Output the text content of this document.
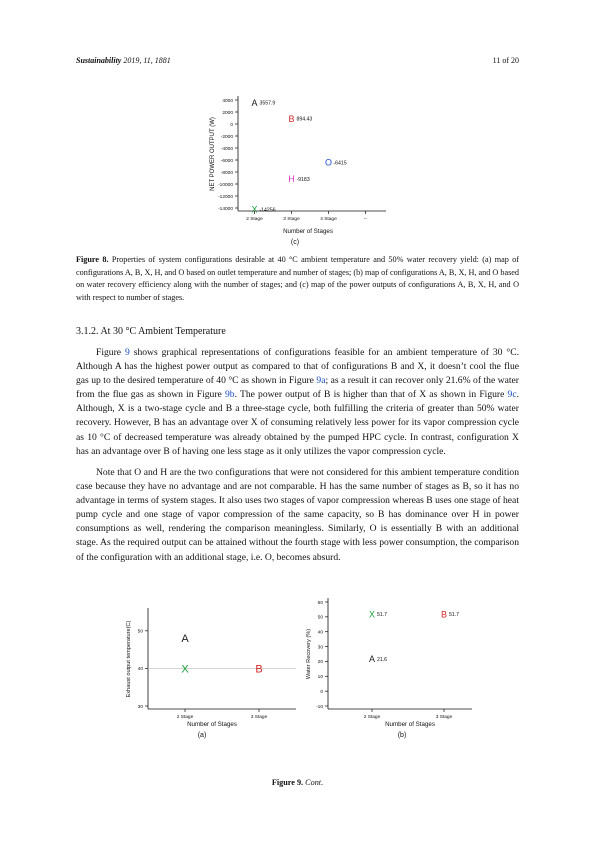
Sustainability 2019, 11, 1881	11 of 20
4000
2000
0
-2000
-4000
-6000
-8000
-10000
-12000
-14000
2 Stage	3 Stage	4 Stage	--
A 3557.9
B 894.43
O -6415
H -9183
X -14256
Number of Stages
NET POWER OUTPUT (W)
(c)
Figure 8. Properties of system configurations desirable at 40 °C ambient temperature and 50% water recovery yield: (a) map of configurations A, B, X, H, and O based on outlet temperature and number of stages; (b) map of configurations A, B, X, H, and O based on water recovery efficiency along with the number of stages; and (c) map of the power outputs of configurations A, B, X, H, and O with respect to number of stages.
3.1.2. At 30 °C Ambient Temperature

Figure 9 shows graphical representations of configurations feasible for an ambient temperature of 30 °C. Although A has the highest power output as compared to that of configurations B and X, it doesn’t cool the flue gas up to the desired temperature of 40 °C as shown in Figure 9a; as a result it can recover only 21.6% of the water from the flue gas as shown in Figure 9b. The power output of B is higher than that of X as shown in Figure 9c. Although, X is a two-stage cycle and B a three-stage cycle, both fulfilling the criteria of greater than 50% water recovery. However, B has an advantage over X of consuming relatively less power for its vapor compression cycle as 10 °C of decreased temperature was already obtained by the pumped HPC cycle. In contrast, configuration X has an advantage over B of having one less stage as it only utilizes the vapor compression cycle.

Note that O and H are the two configurations that were not considered for this ambient temperature condition case because they have no advantage and are not comparable. H has the same number of stages as B, so it has no advantage in terms of system stages. It also uses two stages of vapor compression whereas B uses one stage of heat pump cycle and one stage of vapor compression of the same capacity, so B has dominance over H in power consumptions as well, rendering the comparison meaningless. Similarly, O is essentially B with an additional stage. As the required output can be attained without the fourth stage with less power consumption, the comparison of the configuration with an additional stage, i.e. O, becomes absurd.

50
40
30
2 Stage	3 Stage
A
X	B
Number of Stages
Exhaust output temperature(C)
(a)
60
50
40
30
20
10
0
-10
2 Stage	3 Stage
X 51.7	B 51.7
A 21.6
Number of Stages
Water Recovery (%)
(b)
Figure 9. Cont.
